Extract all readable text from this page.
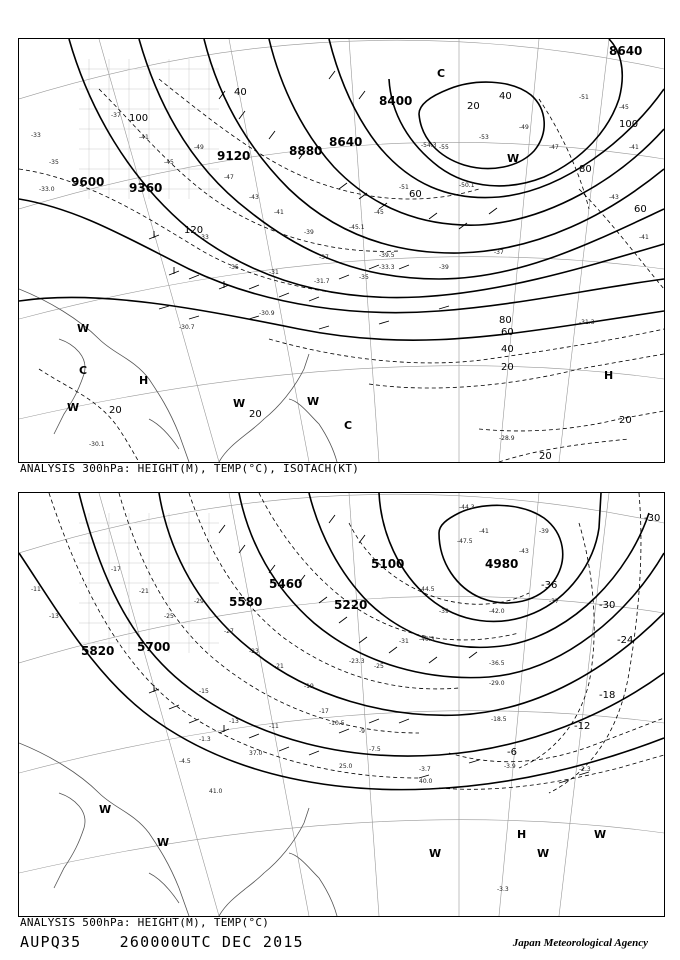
-37
-41
-45
-49
-47
-43
-41
-39
-37
-45
-51
-55
-53
-49
-47
-51
-45
-41
-33
-35
-33
-35
-31
-35
-39
-37
-43
-41
9600 9360
9120	8880
8640
8400
8640
100
40
120
60
100
80
60
80
60
40
20
20
20
20
40
20
20
-54.3
-50.1
-45.1
-39.5
-33.3
-31.7
-30.9
-31.3
-30.7
-28.9
-30.1
-33.0
H
C
W
W	W	W
C
H
W
C
ANALYSIS 300hPa: HEIGHT(M), TEMP(°C), ISOTACH(KT)
-17
-21
-25
-29
-27
-23
-21
-19
-17
-25
-31
-39
-41
-43
-37
-39
-11
-13
-15
-13
-11
-9
37.0
25.0
41.0
40.0
5820 5700
5580
5460
5220
5100	4980
-30
-36
-30
-24
-18
-12
-6
-44.3
-47.5
-42.0
-44.5
-40.3
-36.5
-29.0
-23.3
-18.5
-10.5
-7.5
-3.7	-3.9	-2.3
-3.3
-4.5
-1.3
W
W
H	W
W	W
ANALYSIS 500hPa: HEIGHT(M), TEMP(°C)
AUPQ35	260000UTC DEC 2015	Japan Meteorological Agency
